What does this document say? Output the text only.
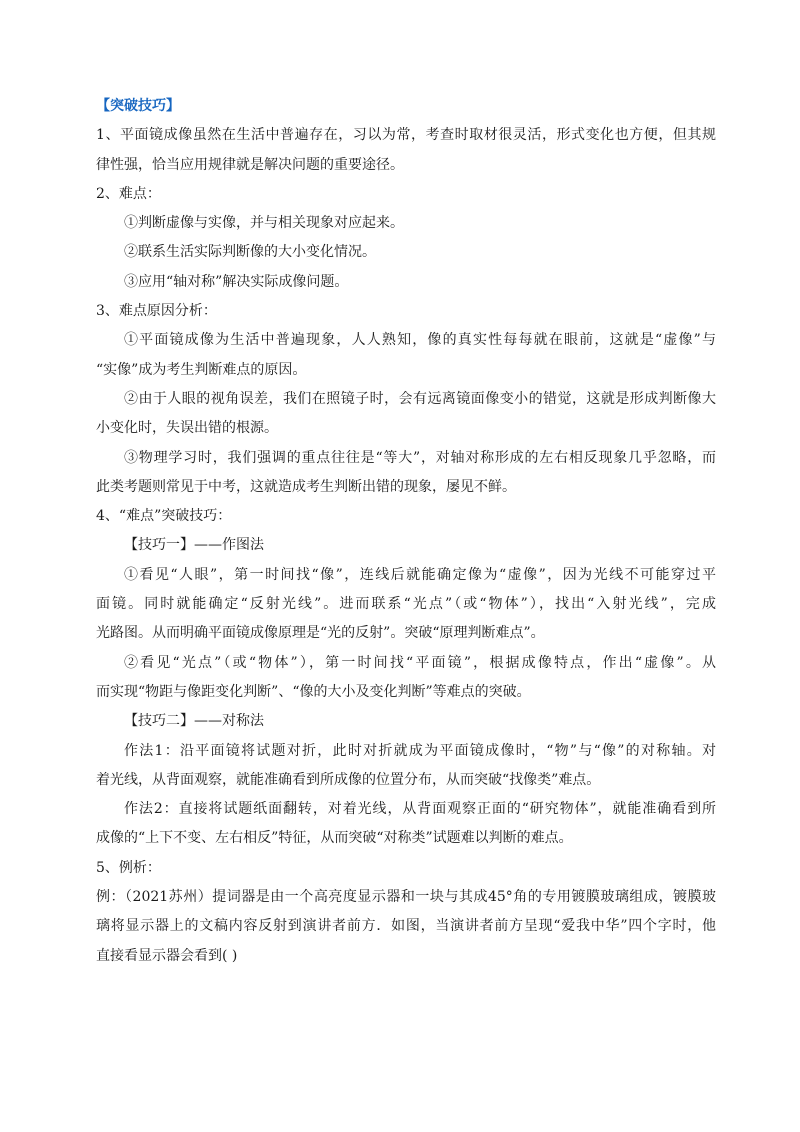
【突破技巧】
1、平面镜成像虽然在生活中普遍存在，习以为常，考查时取材很灵活，形式变化也方便，但其规
律性强，恰当应用规律就是解决问题的重要途径。
2、难点：
①判断虚像与实像，并与相关现象对应起来。
②联系生活实际判断像的大小变化情况。
③应用“轴对称”解决实际成像问题。
3、难点原因分析：
①平面镜成像为生活中普遍现象，人人熟知，像的真实性每每就在眼前，这就是“虚像”与
“实像”成为考生判断难点的原因。
②由于人眼的视角误差，我们在照镜子时，会有远离镜面像变小的错觉，这就是形成判断像大
小变化时，失误出错的根源。
③物理学习时，我们强调的重点往往是“等大”，对轴对称形成的左右相反现象几乎忽略，而
此类考题则常见于中考，这就造成考生判断出错的现象，屡见不鲜。
4、“难点”突破技巧：
【技巧一】——作图法
①看见“人眼”，第一时间找“像”，连线后就能确定像为“虚像”，因为光线不可能穿过平
面镜。同时就能确定“反射光线”。进而联系“光点”（或“物体”），找出“入射光线”，完成
光路图。从而明确平面镜成像原理是“光的反射”。突破“原理判断难点”。
②看见“光点”（或“物体”），第一时间找“平面镜”，根据成像特点，作出“虚像”。从
而实现“物距与像距变化判断”、“像的大小及变化判断”等难点的突破。
【技巧二】——对称法
作法1：沿平面镜将试题对折，此时对折就成为平面镜成像时，“物”与“像”的对称轴。对
着光线，从背面观察，就能准确看到所成像的位置分布，从而突破“找像类”难点。
作法2：直接将试题纸面翻转，对着光线，从背面观察正面的“研究物体”，就能准确看到所
成像的“上下不变、左右相反”特征，从而突破“对称类”试题难以判断的难点。
5、例析：
例：（2021苏州）提词器是由一个高亮度显示器和一块与其成45°角的专用镀膜玻璃组成，镀膜玻
璃将显示器上的文稿内容反射到演讲者前方．如图，当演讲者前方呈现“爱我中华”四个字时，他
直接看显示器会看到( )
